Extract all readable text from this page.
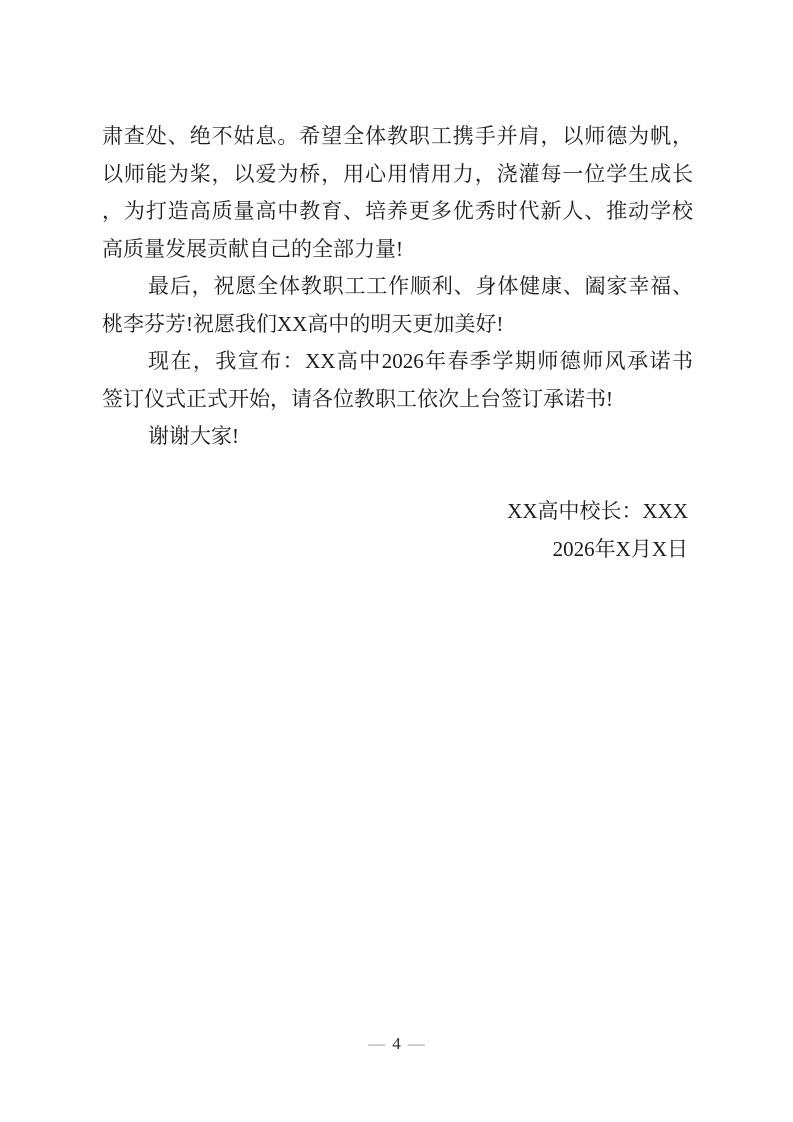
肃查处、绝不姑息。希望全体教职工携手并肩，以师德为帆，
以师能为桨，以爱为桥，用心用情用力，浇灌每一位学生成长
，为打造高质量高中教育、培养更多优秀时代新人、推动学校
高质量发展贡献自己的全部力量!
最后，祝愿全体教职工工作顺利、身体健康、阖家幸福、
桃李芬芳!祝愿我们XX高中的明天更加美好!
现在，我宣布：XX高中2026年春季学期师德师风承诺书
签订仪式正式开始，请各位教职工依次上台签订承诺书!
谢谢大家!
XX高中校长：XXX
2026年X月X日
— 4 —
